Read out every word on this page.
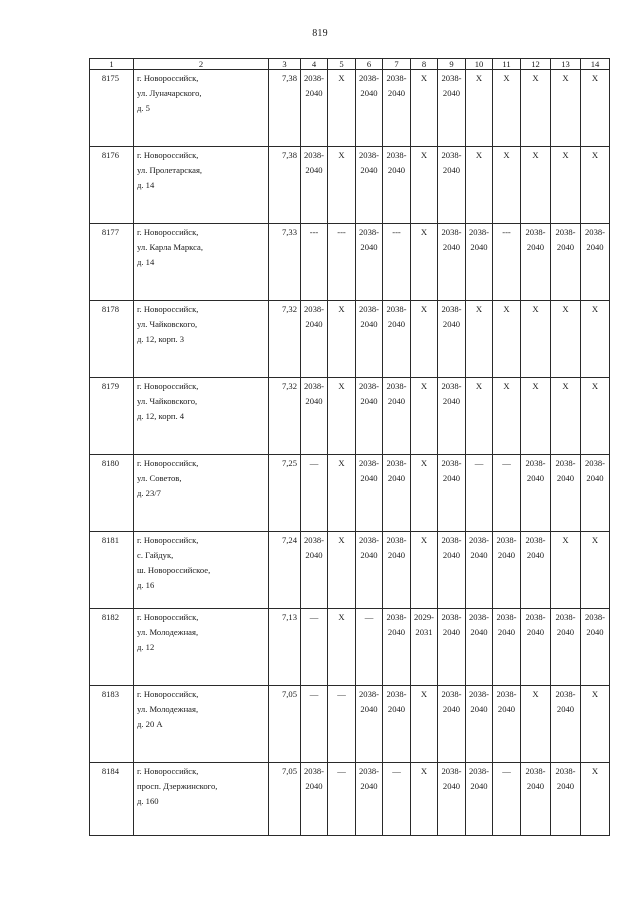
819
1	2	3	4	5	6	7	8	9	10	11	12	13	14
8175	г. Новороссийск,
ул. Луначарского,
д. 5	7,38	2038-
2040	X	2038-
2040	2038-
2040	X	2038-
2040	X	X	X	X	X

8176	г. Новороссийск,
ул. Пролетарская,
д. 14	7,38	2038-
2040	X	2038-
2040	2038-
2040	X	2038-
2040	X	X	X	X	X

8177	г. Новороссийск,
ул. Карла Маркса,
д. 14	7,33	---	---	2038-
2040	---	X	2038-
2040	2038-
2040	---	2038-
2040	2038-
2040	2038-
2040

8178	г. Новороссийск,
ул. Чайковского,
д. 12, корп. 3	7,32	2038-
2040	X	2038-
2040	2038-
2040	X	2038-
2040	X	X	X	X	X

8179	г. Новороссийск,
ул. Чайковского,
д. 12, корп. 4	7,32	2038-
2040	X	2038-
2040	2038-
2040	X	2038-
2040	X	X	X	X	X

8180	г. Новороссийск,
ул. Советов,
д. 23/7	7,25	—	X	2038-
2040	2038-
2040	X	2038-
2040	—	—	2038-
2040	2038-
2040	2038-
2040

8181	г. Новороссийск,
с. Гайдук,
ш. Новороссийское,
д. 16	7,24	2038-
2040	X	2038-
2040	2038-
2040	X	2038-
2040	2038-
2040	2038-
2040	2038-
2040	X	X

8182	г. Новороссийск,
ул. Молодежная,
д. 12	7,13	—	X	—	2038-
2040	2029-
2031	2038-
2040	2038-
2040	2038-
2040	2038-
2040	2038-
2040	2038-
2040

8183	г. Новороссийск,
ул. Молодежная,
д. 20 А	7,05	—	—	2038-
2040	2038-
2040	X	2038-
2040	2038-
2040	2038-
2040	X	2038-
2040	X

8184	г. Новороссийск,
просп. Дзержинского,
д. 160	7,05	2038-
2040	—	2038-
2040	—	X	2038-
2040	2038-
2040	—	2038-
2040	2038-
2040	X
